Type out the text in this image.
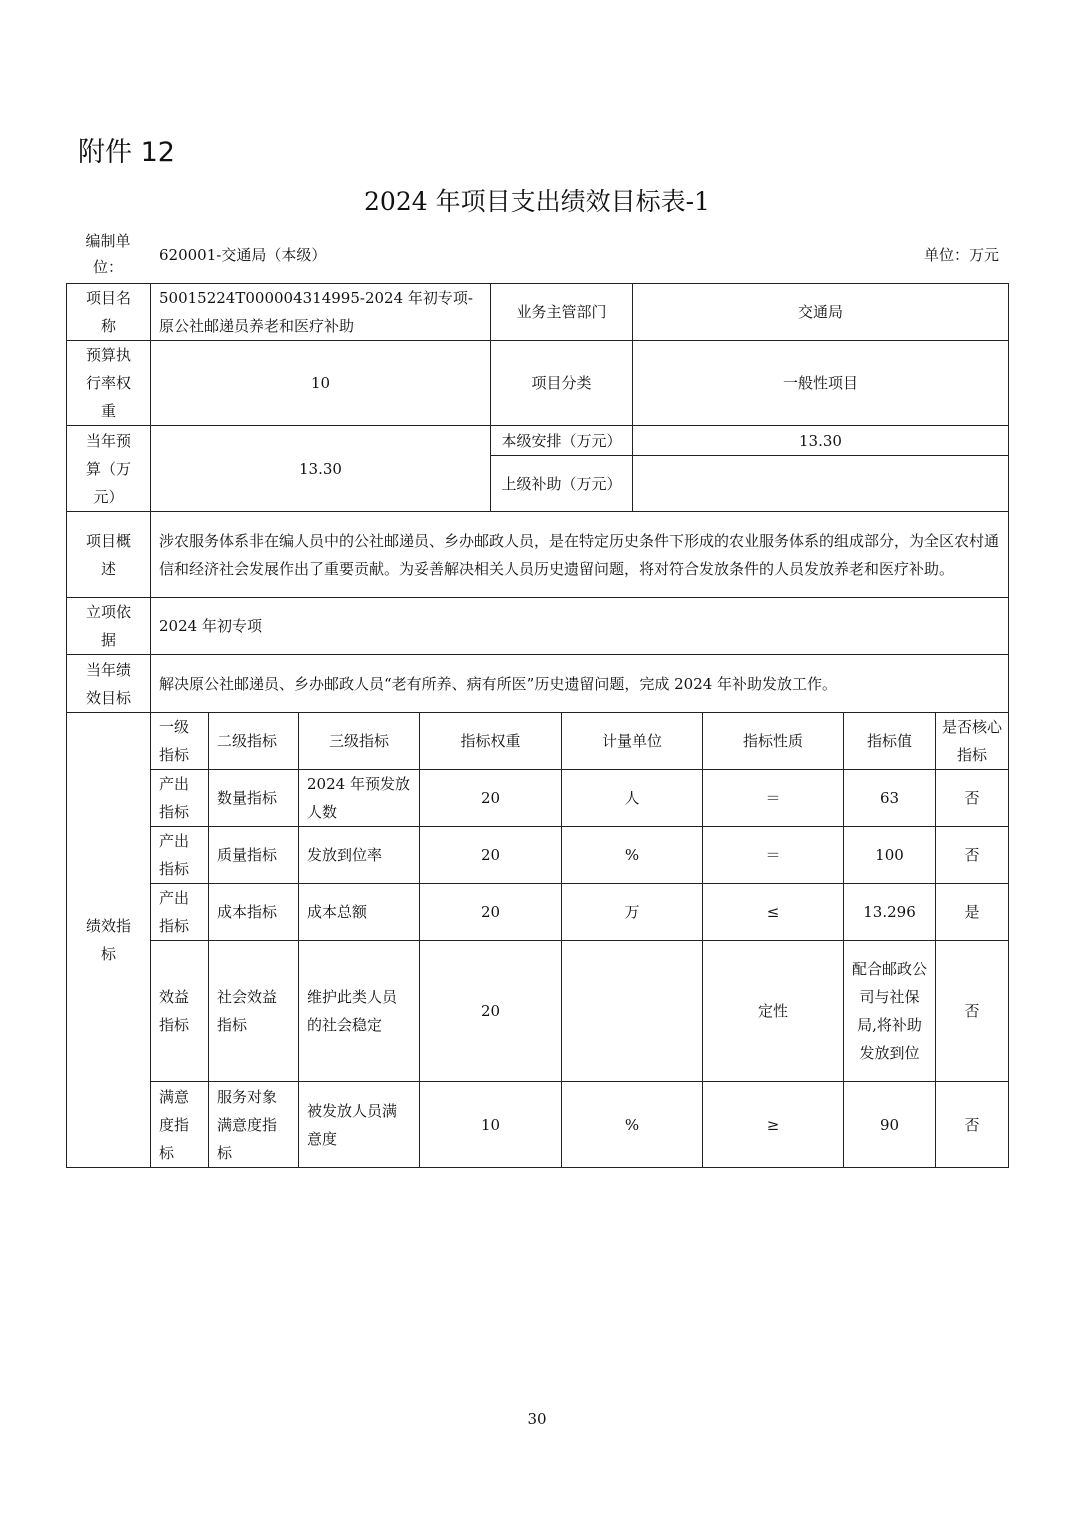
附件 12
2024 年项目支出绩效目标表-1
编制单位：
620001-交通局（本级）	单位：万元
项目名称	50015224T000004314995-2024 年初专项-原公社邮递员养老和医疗补助	业务主管部门	交通局
预算执行率权重	10	项目分类	一般性项目
当年预算（万元）	13.30	本级安排（万元）	13.30
		上级补助（万元）	
项目概述	涉农服务体系非在编人员中的公社邮递员、乡办邮政人员，是在特定历史条件下形成的农业服务体系的组成部分，为全区农村通信和经济社会发展作出了重要贡献。为妥善解决相关人员历史遗留问题，将对符合发放条件的人员发放养老和医疗补助。		
立项依据	2024 年初专项		
当年绩效目标	解决原公社邮递员、乡办邮政人员“老有所养、病有所医”历史遗留问题，完成 2024 年补助发放工作。		
绩效指标	一级指标	二级指标	三级指标	指标权重	计量单位	指标性质	指标值	是否核心指标
	产出指标	数量指标	2024 年预发放人数	20	人	＝	63	否
	产出指标	质量指标	发放到位率	20	%	＝	100	否
	产出指标	成本指标	成本总额	20	万	≤	13.296	是
	效益指标	社会效益指标	维护此类人员的社会稳定	20		定性	配合邮政公司与社保局,将补助发放到位	否
	满意度指标	服务对象满意度指标	被发放人员满意度	10	%	≥	90	否
30
